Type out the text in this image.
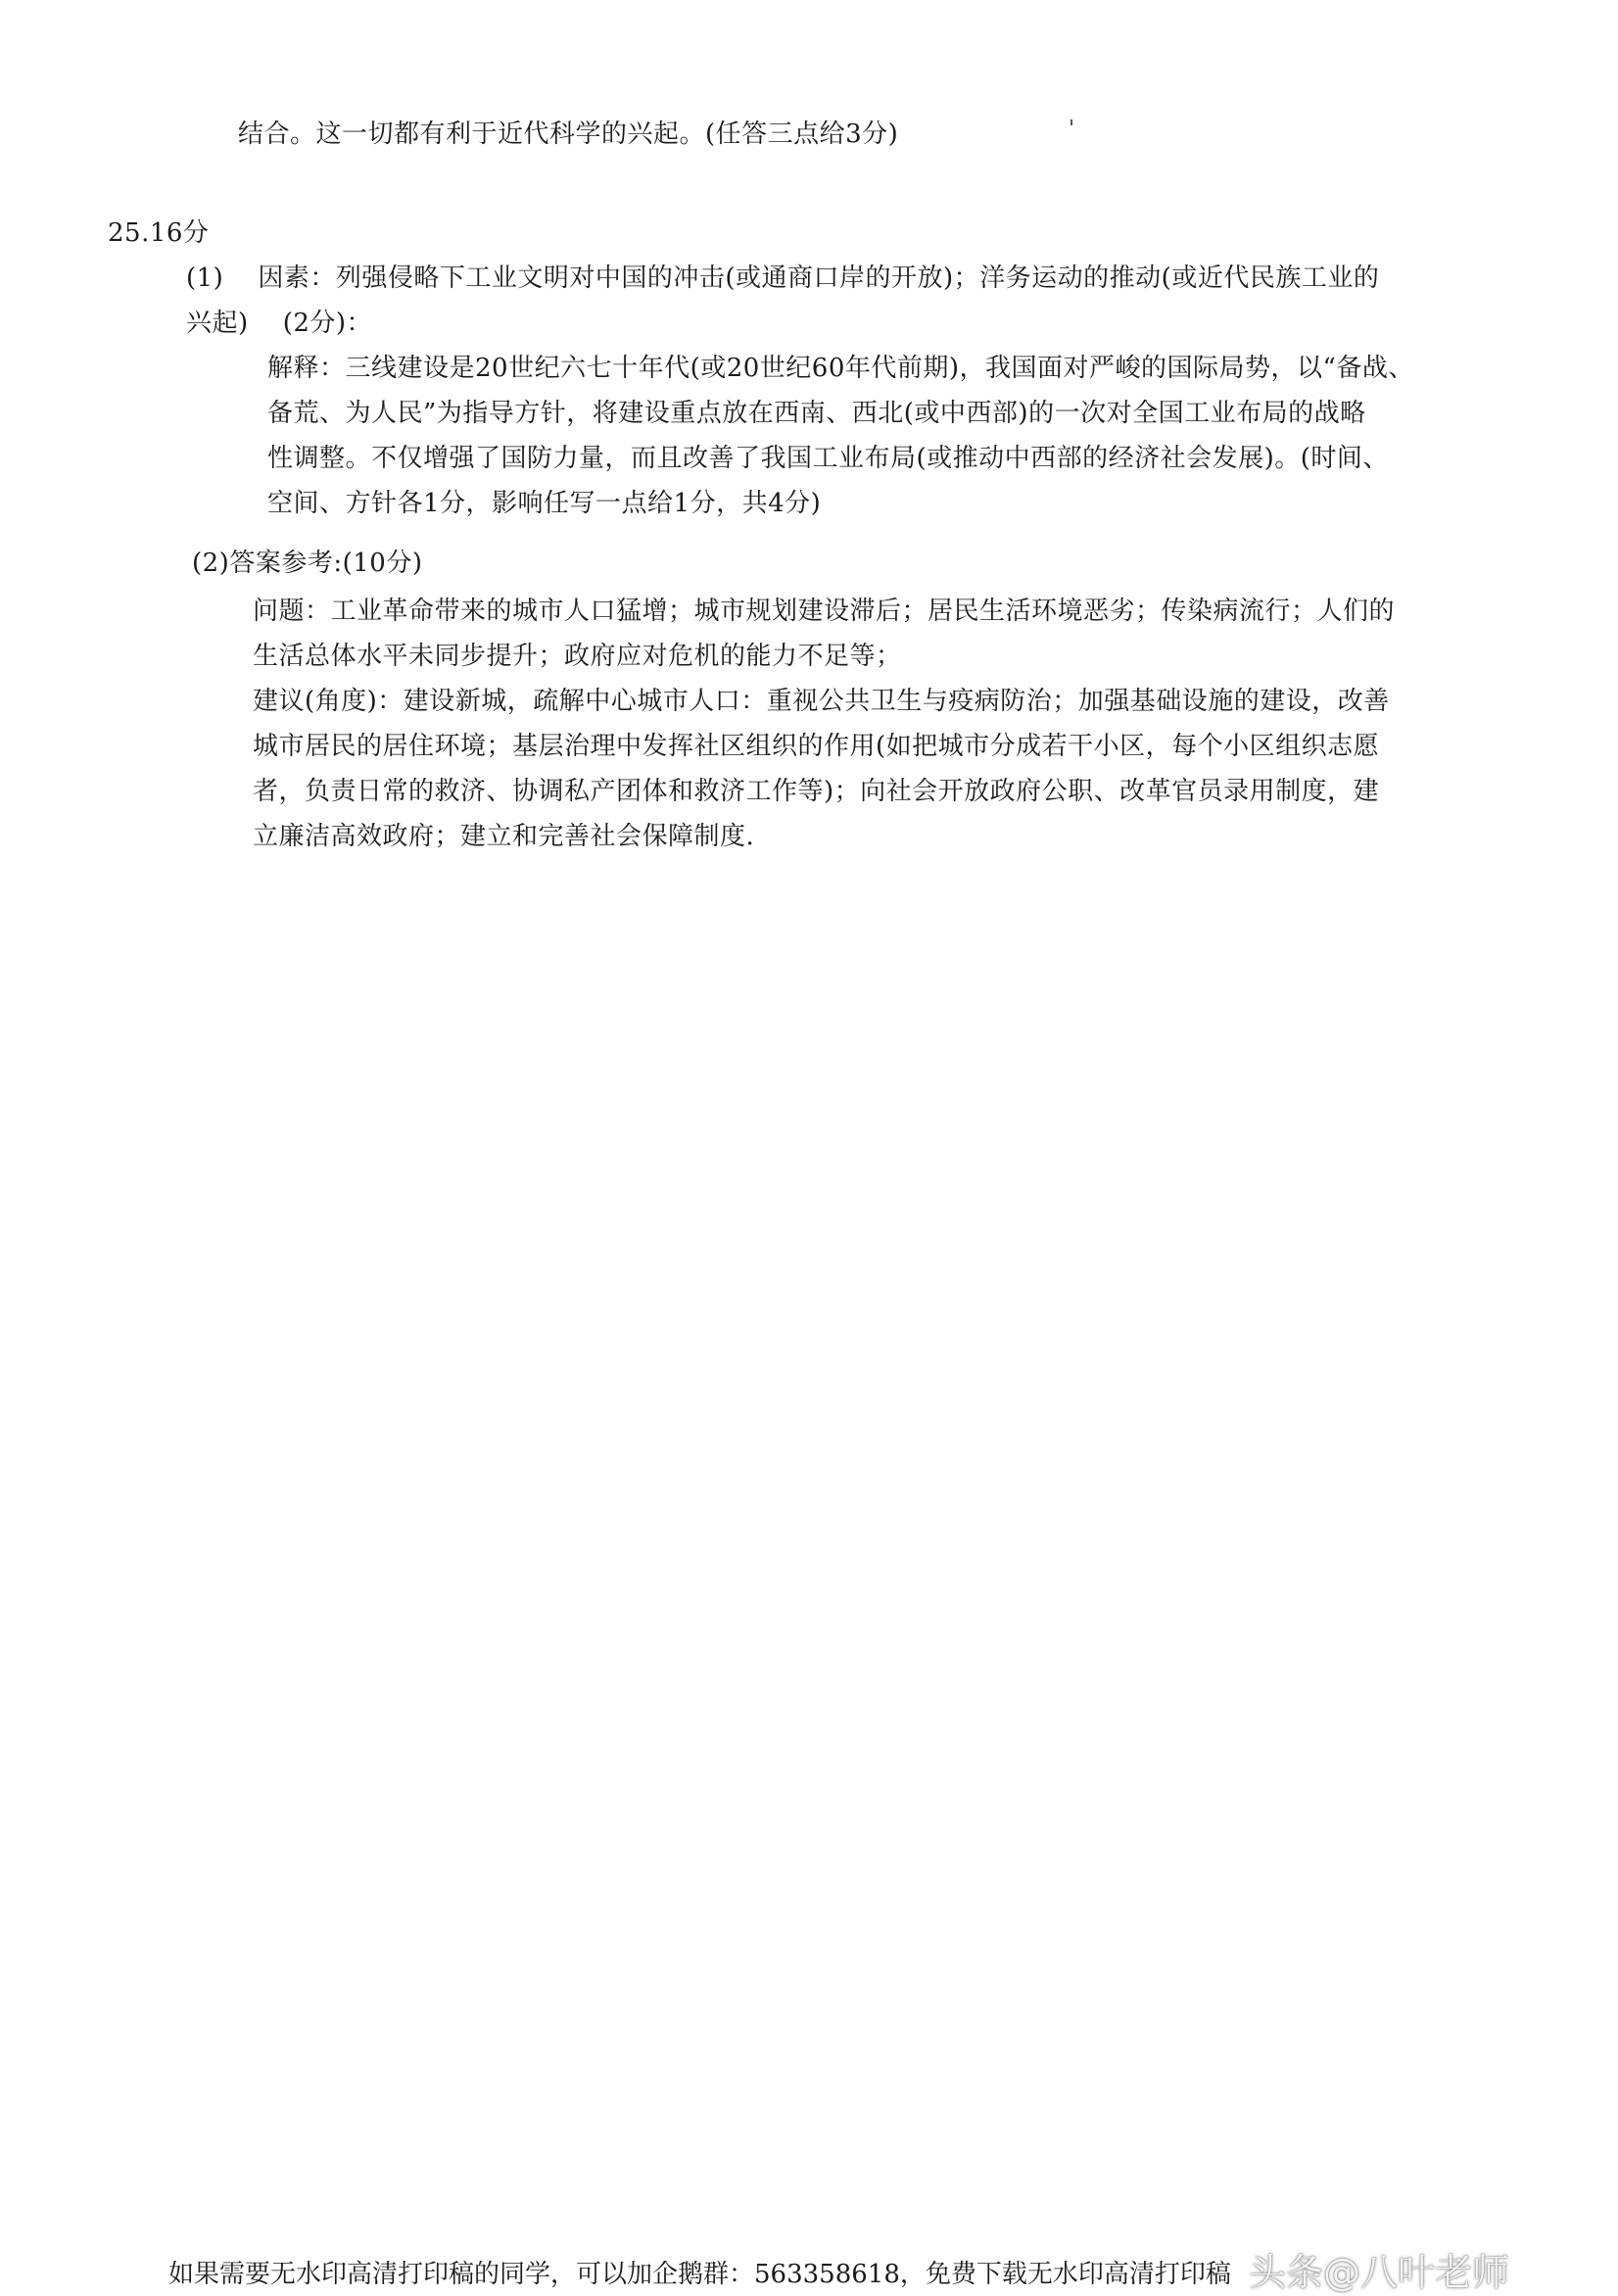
结合。这一切都有利于近代科学的兴起。(任答三点给3分)
25.16分
(1)    因素：列强侵略下工业文明对中国的冲击(或通商口岸的开放)；洋务运动的推动(或近代民族工业的
兴起)    (2分)：
解释：三线建设是20世纪六七十年代(或20世纪60年代前期)，我国面对严峻的国际局势，以“备战、
备荒、为人民”为指导方针，将建设重点放在西南、西北(或中西部)的一次对全国工业布局的战略
性调整。不仅增强了国防力量，而且改善了我国工业布局(或推动中西部的经济社会发展)。(时间、
空间、方针各1分，影响任写一点给1分，共4分)
(2)答案参考:(10分)
问题：工业革命带来的城市人口猛增；城市规划建设滞后；居民生活环境恶劣；传染病流行；人们的
生活总体水平未同步提升；政府应对危机的能力不足等；
建议(角度)：建设新城，疏解中心城市人口：重视公共卫生与疫病防治；加强基础设施的建设，改善
城市居民的居住环境；基层治理中发挥社区组织的作用(如把城市分成若干小区，每个小区组织志愿
者，负责日常的救济、协调私产团体和救济工作等)；向社会开放政府公职、改革官员录用制度，建
立廉洁高效政府；建立和完善社会保障制度.
如果需要无水印高清打印稿的同学，可以加企鹅群：563358618，免费下载无水印高清打印稿 头条@八叶老师
